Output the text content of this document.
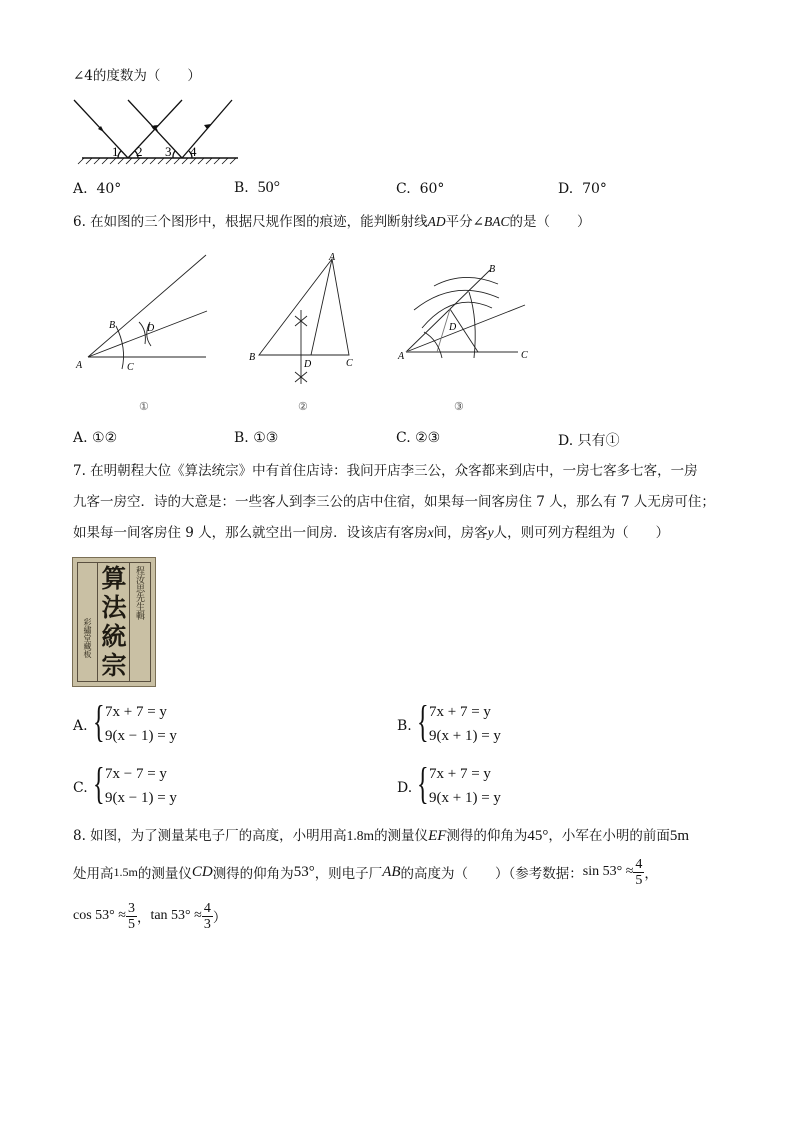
∠4的度数为（　　）
1 2 3 4
A. 40°	B. 50°	C. 60°	D. 70°
6. 在如图的三个图形中，根据尺规作图的痕迹，能判断射线AD平分∠BAC的是（　　）
B	D
A	C
①
A
B
D	C
②
B
D
A	C
③
A. ①②	B. ①③	C. ②③	D. 只有①
7. 在明朝程大位《算法统宗》中有首住店诗：我问开店李三公，众客都来到店中，一房七客多七客，一房
九客一房空．诗的大意是：一些客人到李三公的店中住宿，如果每一间客房住 7 人，那么有 7 人无房可住；
如果每一间客房住 9 人，那么就空出一间房．设该店有客房x间，房客y人，则可列方程组为（　　）
算
法
統
宗
程汝思先生輯
彩繡堂藏板
A. { 7x + 7 = y
9(x − 1) = y
B. { 7x + 7 = y
9(x + 1) = y
C. { 7x − 7 = y
9(x − 1) = y
D. { 7x + 7 = y
9(x + 1) = y
8. 如图，为了测量某电子厂的高度，小明用高1.8m的测量仪EF测得的仰角为45°，小军在小明的前面5m
处用高 1.5m 的测量仪 CD 测得的仰角为 53° ，则电子厂 AB 的高度为（　　）（参考数据： $\sin 53^\circ \approx \frac{4}{5}$ ，
$\cos 53^\circ \approx \frac{3}{5}$ ， $\tan 53^\circ \approx \frac{4}{3}$ ）
